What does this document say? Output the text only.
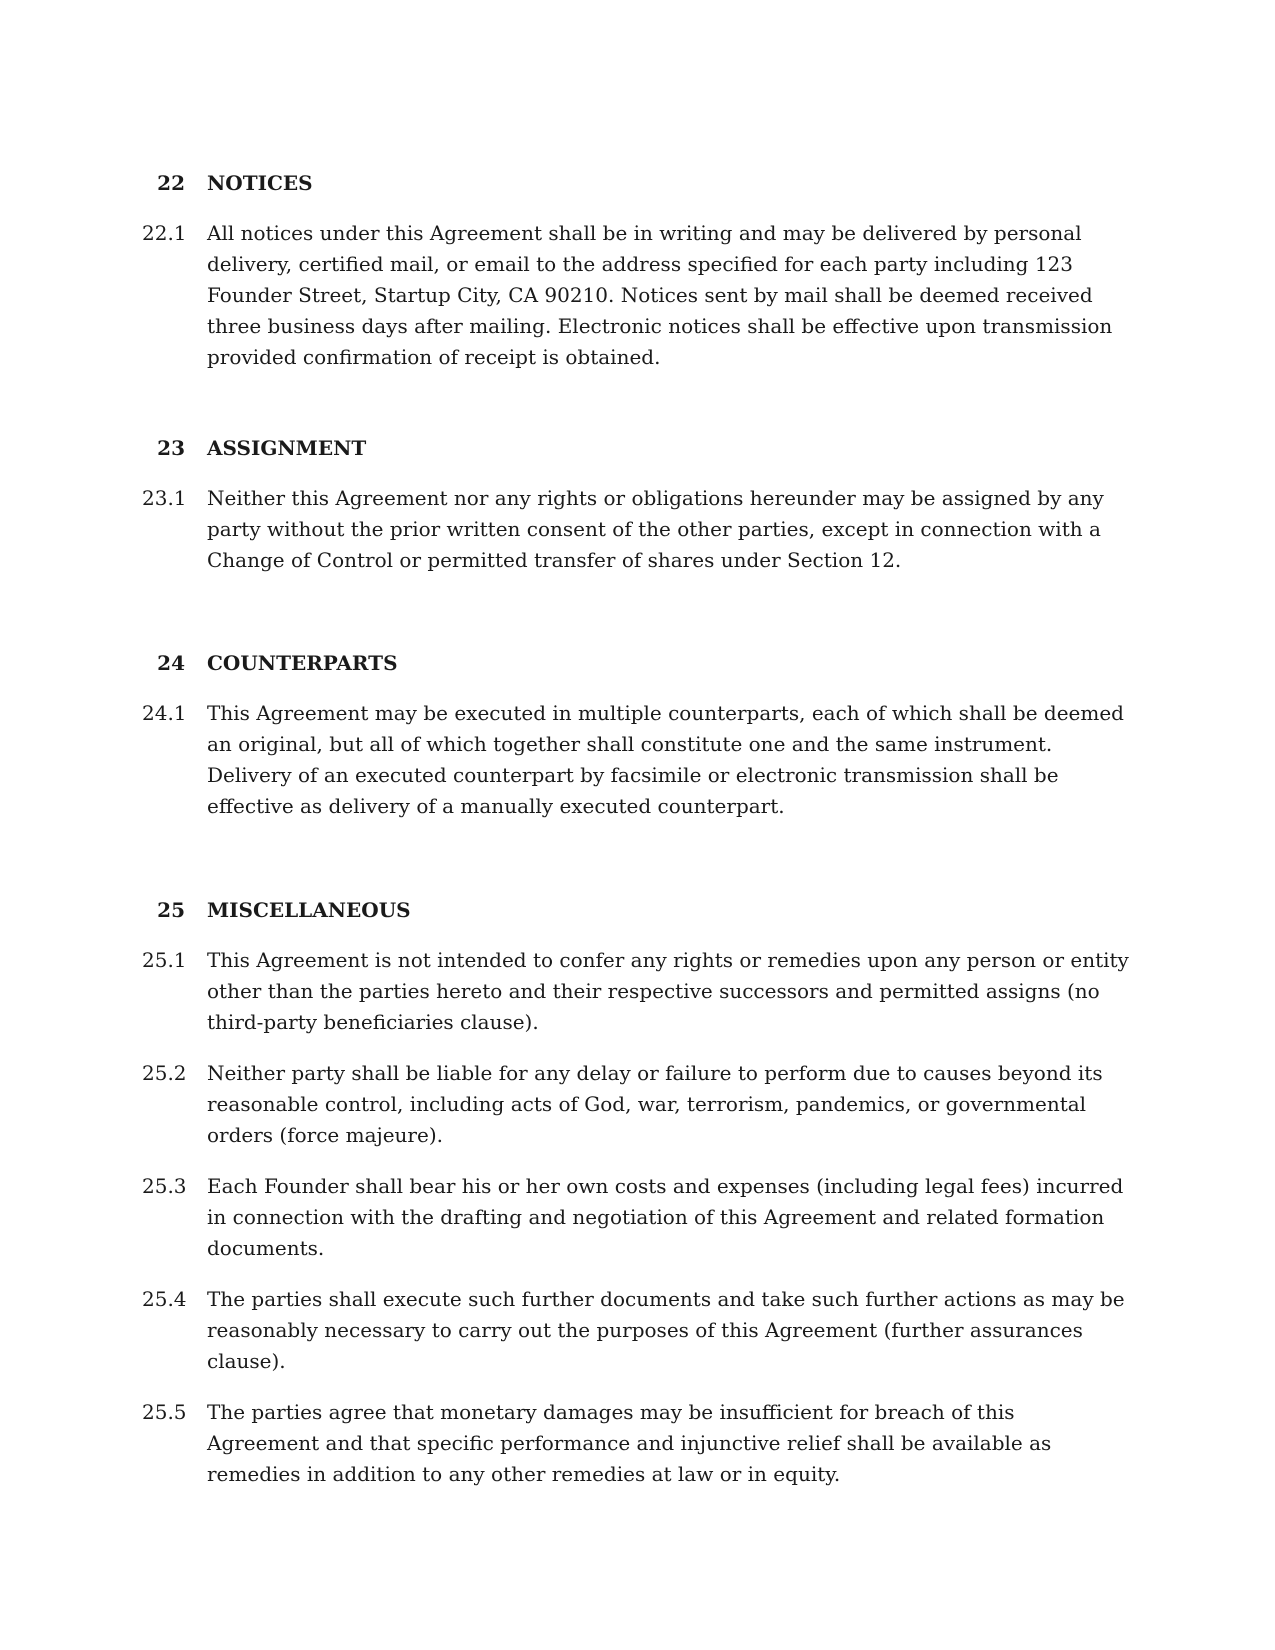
22 NOTICES
22.1 All notices under this Agreement shall be in writing and may be delivered by personal delivery, certified mail, or email to the address specified for each party including 123 Founder Street, Startup City, CA 90210. Notices sent by mail shall be deemed received three business days after mailing. Electronic notices shall be effective upon transmission provided confirmation of receipt is obtained.
23 ASSIGNMENT
23.1 Neither this Agreement nor any rights or obligations hereunder may be assigned by any party without the prior written consent of the other parties, except in connection with a Change of Control or permitted transfer of shares under Section 12.
24 COUNTERPARTS
24.1 This Agreement may be executed in multiple counterparts, each of which shall be deemed an original, but all of which together shall constitute one and the same instrument. Delivery of an executed counterpart by facsimile or electronic transmission shall be effective as delivery of a manually executed counterpart.
25 MISCELLANEOUS
25.1 This Agreement is not intended to confer any rights or remedies upon any person or entity other than the parties hereto and their respective successors and permitted assigns (no third-party beneficiaries clause).
25.2 Neither party shall be liable for any delay or failure to perform due to causes beyond its reasonable control, including acts of God, war, terrorism, pandemics, or governmental orders (force majeure).
25.3 Each Founder shall bear his or her own costs and expenses (including legal fees) incurred in connection with the drafting and negotiation of this Agreement and related formation documents.
25.4 The parties shall execute such further documents and take such further actions as may be reasonably necessary to carry out the purposes of this Agreement (further assurances clause).
25.5 The parties agree that monetary damages may be insufficient for breach of this Agreement and that specific performance and injunctive relief shall be available as remedies in addition to any other remedies at law or in equity.
